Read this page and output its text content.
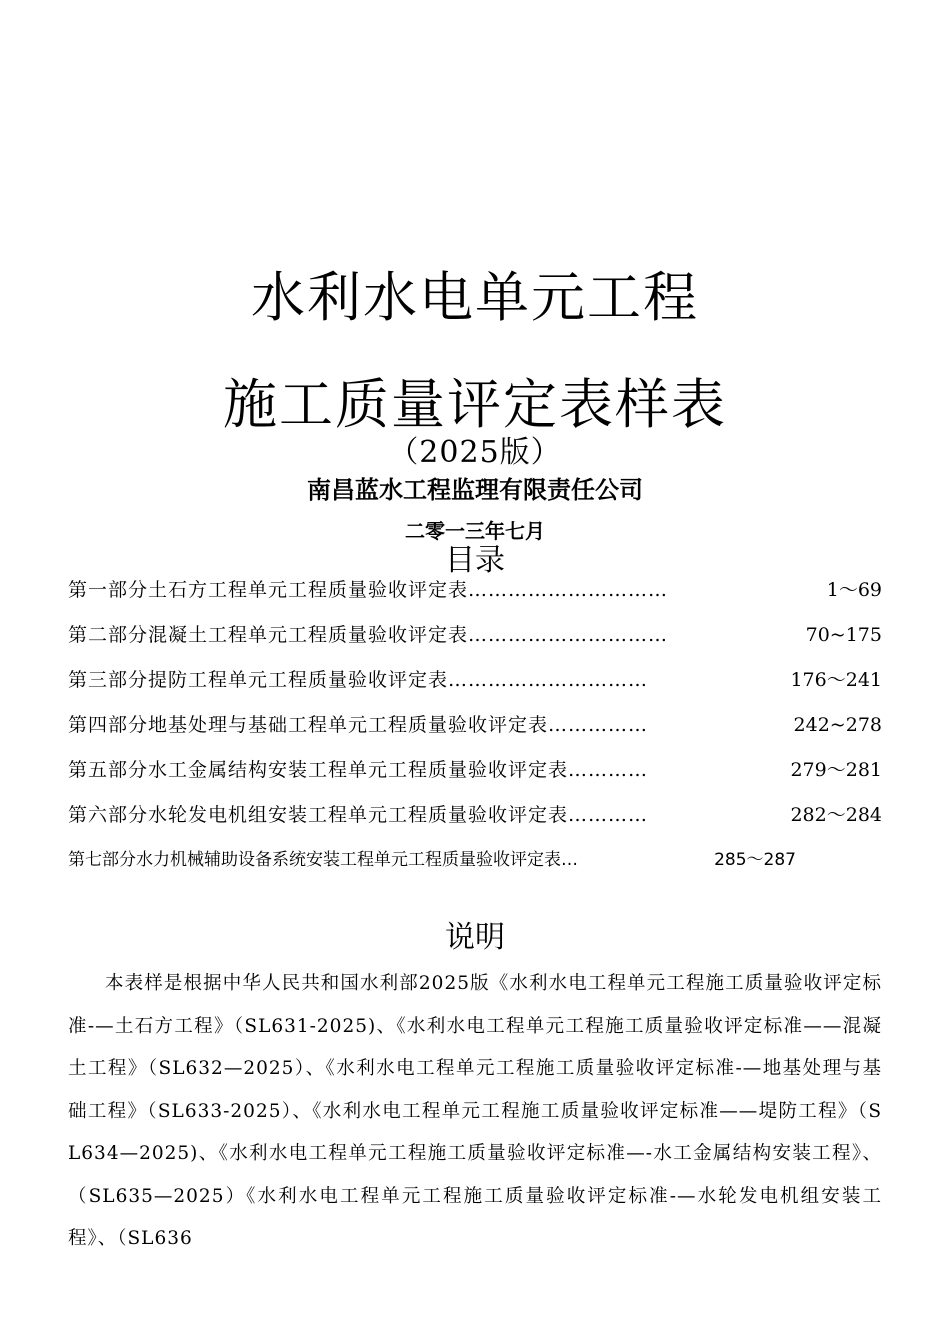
水利水电单元工程
施工质量评定表样表
（2025版）
南昌蓝水工程监理有限责任公司
二零一三年七月
目录
第一部分土石方工程单元工程质量验收评定表…………………………	1～69
第二部分混凝土工程单元工程质量验收评定表…………………………	70~175
第三部分提防工程单元工程质量验收评定表…………………………	176～241
第四部分地基处理与基础工程单元工程质量验收评定表……………	242~278
第五部分水工金属结构安装工程单元工程质量验收评定表…………	279～281
第六部分水轮发电机组安装工程单元工程质量验收评定表…………	282～284
第七部分水力机械辅助设备系统安装工程单元工程质量验收评定表…	285～287
说明
本表样是根据中华人民共和国水利部2025版《水利水电工程单元工程施工质量验收评定标准-—土石方工程》（SL631-2025)、《水利水电工程单元工程施工质量验收评定标准——混凝土工程》（SL632—2025）、《水利水电工程单元工程施工质量验收评定标准-—地基处理与基础工程》（SL633-2025）、《水利水电工程单元工程施工质量验收评定标准——堤防工程》（SL634—2025)、《水利水电工程单元工程施工质量验收评定标准—-水工金属结构安装工程》、（SL635—2025）《水利水电工程单元工程施工质量验收评定标准-—水轮发电机组安装工程》、（SL636
